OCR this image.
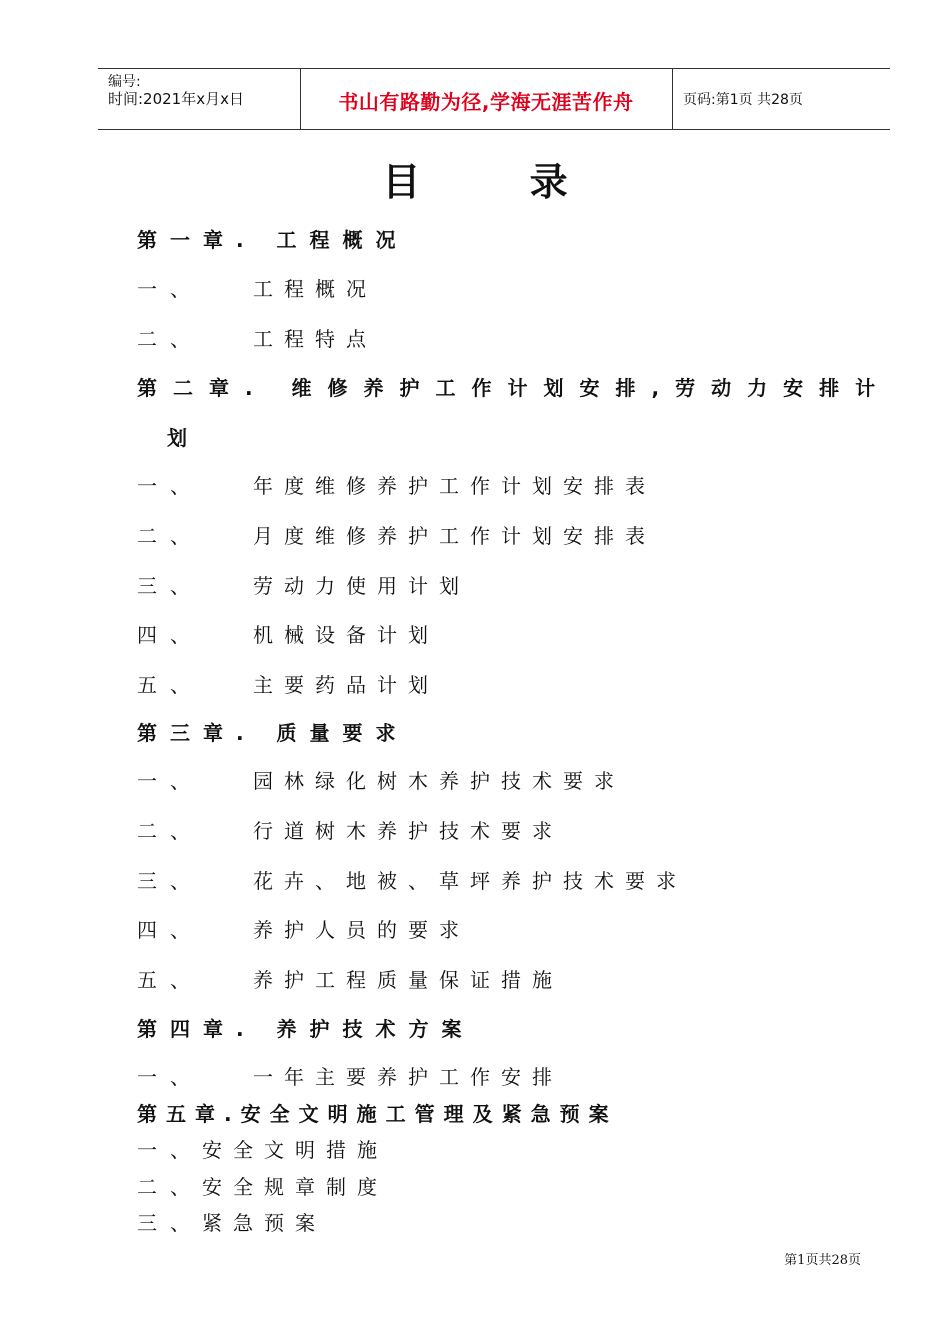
编号:
时间:2021年x月x日	书山有路勤为径,学海无涯苦作舟	页码:第1页 共28页
目 录
第一章. 工程概况
一、	工程概况
二、	工程特点
第二章. 维修养护工作计划安排,劳动力安排计
划
一、	年度维修养护工作计划安排表
二、	月度维修养护工作计划安排表
三、	劳动力使用计划
四、	机械设备计划
五、	主要药品计划
第三章. 质量要求
一、	园林绿化树木养护技术要求
二、	行道树木养护技术要求
三、	花卉、地被、草坪养护技术要求
四、	养护人员的要求
五、	养护工程质量保证措施
第四章. 养护技术方案
一、	一年主要养护工作安排
第五章.安全文明施工管理及紧急预案
一、 安全文明措施
二、 安全规章制度
三、 紧急预案
第1页共28页
